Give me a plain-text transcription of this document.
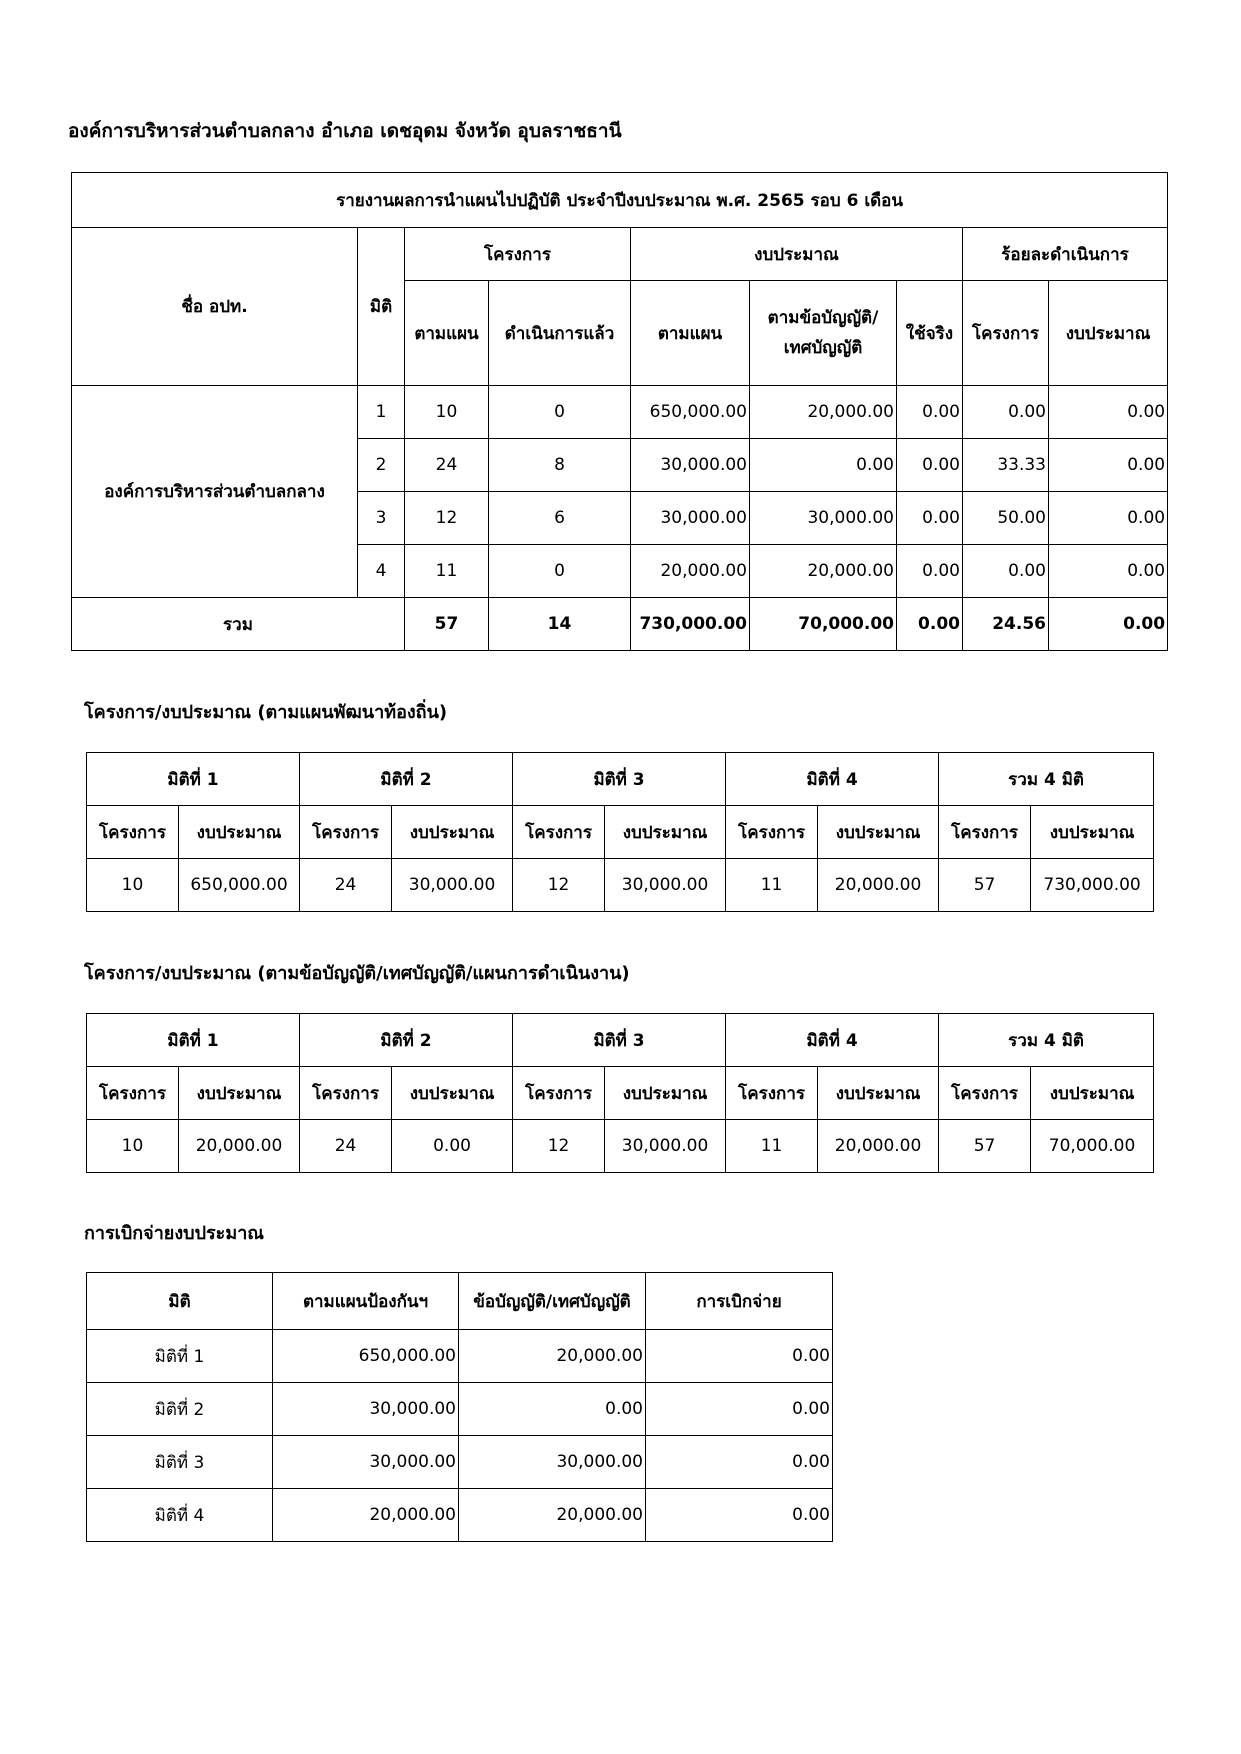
องค์การบริหารส่วนตำบลกลาง อำเภอ เดชอุดม จังหวัด อุบลราชธานี
รายงานผลการนำแผนไปปฏิบัติ ประจำปีงบประมาณ พ.ศ. 2565 รอบ 6 เดือน								
ชื่อ อปท.	มิติ	โครงการ		งบประมาณ			ร้อยละดำเนินการ	
		ตามแผน	ดำเนินการแล้ว	ตามแผน	ตามข้อบัญญัติ/
เทศบัญญัติ	ใช้จริง	โครงการ	งบประมาณ
องค์การบริหารส่วนตำบลกลาง	1	10	0	650,000.00	20,000.00	0.00	0.00	0.00
	2	24	8	30,000.00	0.00	0.00	33.33	0.00
	3	12	6	30,000.00	30,000.00	0.00	50.00	0.00
	4	11	0	20,000.00	20,000.00	0.00	0.00	0.00
รวม		57	14	730,000.00	70,000.00	0.00	24.56	0.00
โครงการ/งบประมาณ (ตามแผนพัฒนาท้องถิ่น)
มิติที่ 1		มิติที่ 2		มิติที่ 3		มิติที่ 4		รวม 4 มิติ	
โครงการ	งบประมาณ	โครงการ	งบประมาณ	โครงการ	งบประมาณ	โครงการ	งบประมาณ	โครงการ	งบประมาณ
10	650,000.00	24	30,000.00	12	30,000.00	11	20,000.00	57	730,000.00
โครงการ/งบประมาณ (ตามข้อบัญญัติ/เทศบัญญัติ/แผนการดำเนินงาน)
มิติที่ 1		มิติที่ 2		มิติที่ 3		มิติที่ 4		รวม 4 มิติ	
โครงการ	งบประมาณ	โครงการ	งบประมาณ	โครงการ	งบประมาณ	โครงการ	งบประมาณ	โครงการ	งบประมาณ
10	20,000.00	24	0.00	12	30,000.00	11	20,000.00	57	70,000.00
การเบิกจ่ายงบประมาณ
มิติ	ตามแผนป้องกันฯ	ข้อบัญญัติ/เทศบัญญัติ	การเบิกจ่าย
มิติที่ 1	650,000.00	20,000.00	0.00
มิติที่ 2	30,000.00	0.00	0.00
มิติที่ 3	30,000.00	30,000.00	0.00
มิติที่ 4	20,000.00	20,000.00	0.00
